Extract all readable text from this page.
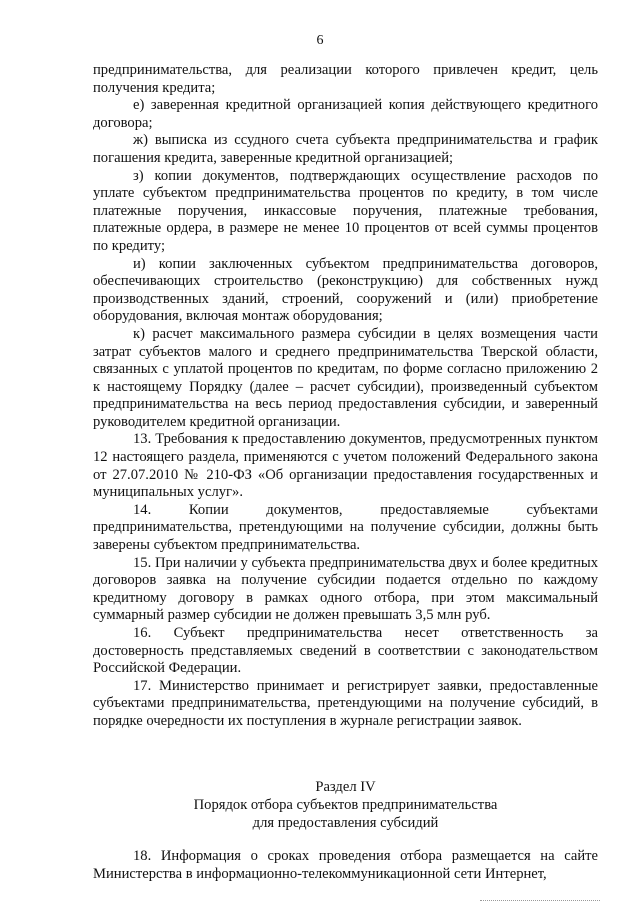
6

предпринимательства, для реализации которого привлечен кредит, цель получения кредита;

е) заверенная кредитной организацией копия действующего кредитного договора;

ж) выписка из ссудного счета субъекта предпринимательства и график погашения кредита, заверенные кредитной организацией;

з) копии документов, подтверждающих осуществление расходов по уплате субъектом предпринимательства процентов по кредиту, в том числе платежные поручения, инкассовые поручения, платежные требования, платежные ордера, в размере не менее 10 процентов от всей суммы процентов по кредиту;

и) копии заключенных субъектом предпринимательства договоров, обеспечивающих строительство (реконструкцию) для собственных нужд производственных зданий, строений, сооружений и (или) приобретение оборудования, включая монтаж оборудования;

к) расчет максимального размера субсидии в целях возмещения части затрат субъектов малого и среднего предпринимательства Тверской области, связанных с уплатой процентов по кредитам, по форме согласно приложению 2 к настоящему Порядку (далее – расчет субсидии), произведенный субъектом предпринимательства на весь период предоставления субсидии, и заверенный руководителем кредитной организации.

13. Требования к предоставлению документов, предусмотренных пунктом 12 настоящего раздела, применяются с учетом положений Федерального закона от 27.07.2010 № 210-ФЗ «Об организации предоставления государственных и муниципальных услуг».

14. Копии документов, предоставляемые субъектами предпринимательства, претендующими на получение субсидии, должны быть заверены субъектом предпринимательства.

15. При наличии у субъекта предпринимательства двух и более кредитных договоров заявка на получение субсидии подается отдельно по каждому кредитному договору в рамках одного отбора, при этом максимальный суммарный размер субсидии не должен превышать 3,5 млн руб.

16. Субъект предпринимательства несет ответственность за достоверность представляемых сведений в соответствии с законодательством Российской Федерации.

17. Министерство принимает и регистрирует заявки, предоставленные субъектами предпринимательства, претендующими на получение субсидий, в порядке очередности их поступления в журнале регистрации заявок.

Раздел IV
Порядок отбора субъектов предпринимательства
для предоставления субсидий

18. Информация о сроках проведения отбора размещается на сайте Министерства в информационно-телекоммуникационной сети Интернет,
